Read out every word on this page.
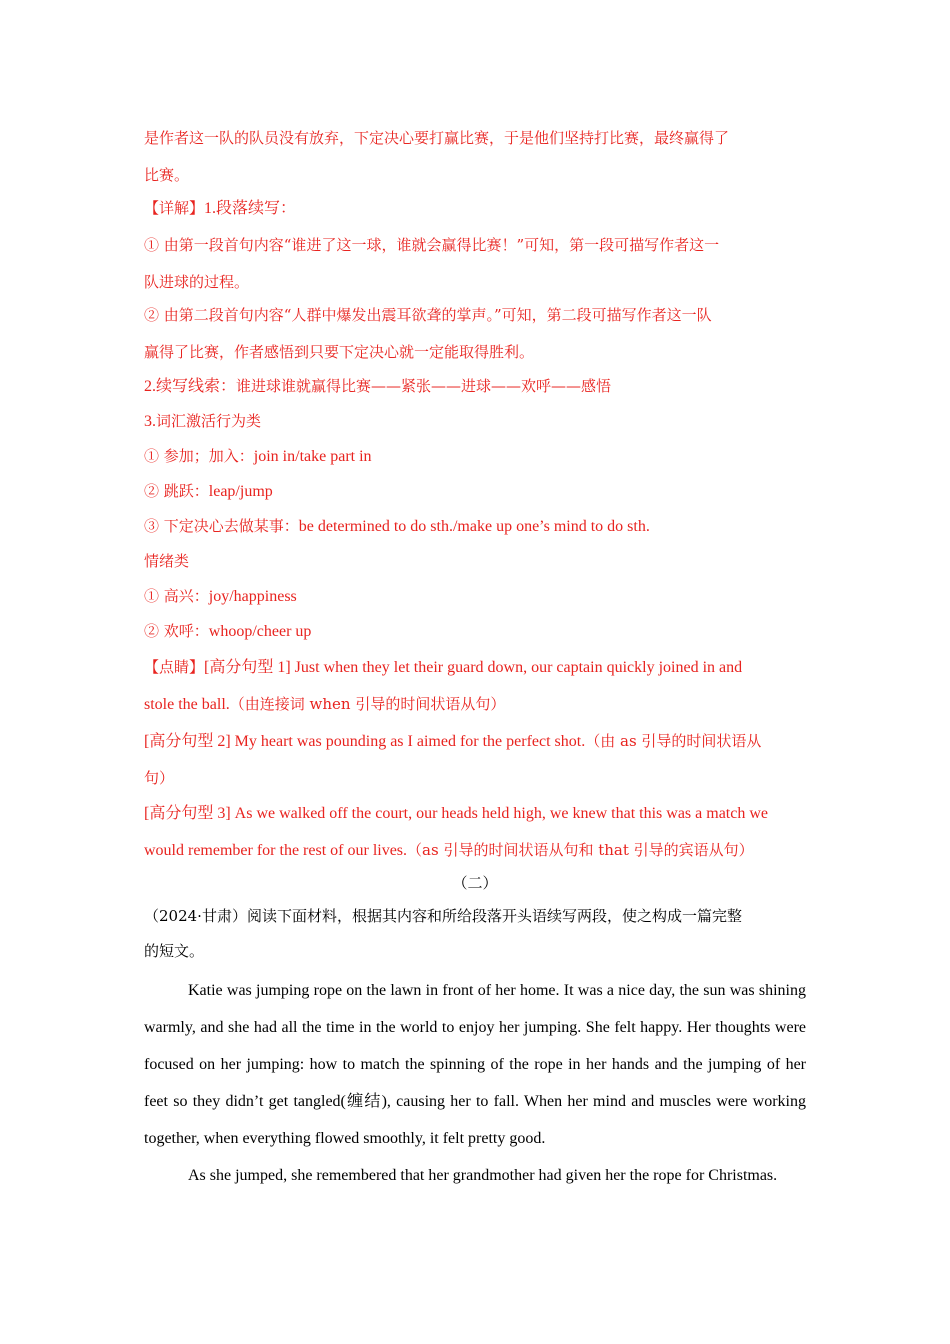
是作者这一队的队员没有放弃，下定决心要打赢比赛，于是他们坚持打比赛，最终赢得了
比赛。
【详解】1.段落续写：
① 由第一段首句内容“谁进了这一球，谁就会赢得比赛！”可知，第一段可描写作者这一
队进球的过程。
② 由第二段首句内容“人群中爆发出震耳欲聋的掌声。”可知，第二段可描写作者这一队
赢得了比赛，作者感悟到只要下定决心就一定能取得胜利。
2.续写线索：谁进球谁就赢得比赛——紧张——进球——欢呼——感悟
3.词汇激活行为类
① 参加；加入：join in/take part in
② 跳跃：leap/jump
③ 下定决心去做某事：be determined to do sth./make up one’s mind to do sth.
情绪类
① 高兴：joy/happiness
② 欢呼：whoop/cheer up
【点睛】[高分句型 1] Just when they let their guard down, our captain quickly joined in and
stole the ball.（由连接词 when 引导的时间状语从句）
[高分句型 2] My heart was pounding as I aimed for the perfect shot.（由 as 引导的时间状语从
句）
[高分句型 3] As we walked off the court, our heads held high, we knew that this was a match we
would remember for the rest of our lives.（as 引导的时间状语从句和 that 引导的宾语从句）
（二）
（2024·甘肃）阅读下面材料，根据其内容和所给段落开头语续写两段，使之构成一篇完整
的短文。
Katie was jumping rope on the lawn in front of her home. It was a nice day, the sun was shining warmly, and she had all the time in the world to enjoy her jumping. She felt happy. Her thoughts were focused on her jumping: how to match the spinning of the rope in her hands and the jumping of her feet so they didn’t get tangled(缠结), causing her to fall. When her mind and muscles were working together, when everything flowed smoothly, it felt pretty good.
As she jumped, she remembered that her grandmother had given her the rope for Christmas.
